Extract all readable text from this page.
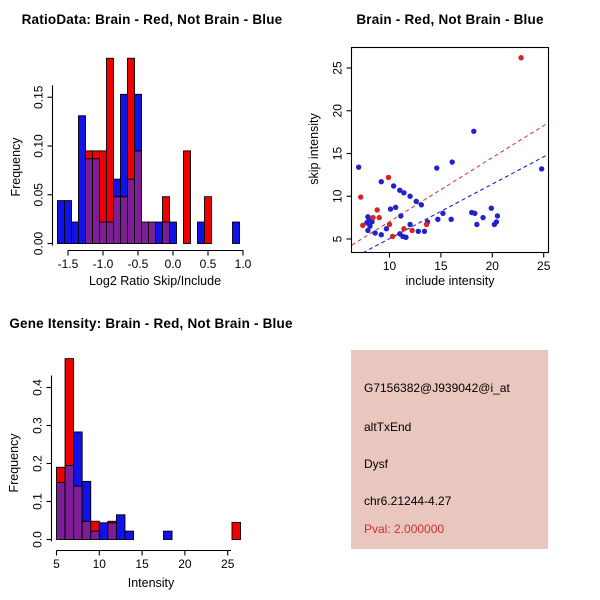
-1.5 -1.0 -0.5 0.0 0.5 1.0
0.00
0.05
0.10
0.15
5	10 15 20 25
0.0
0.1
0.2
0.3
0.4
10	15	20	25
5
10
15
20
25
RatioData: Brain - Red, Not Brain - Blue
Frequency
Log2 Ratio Skip/Include
Brain - Red, Not Brain - Blue
skip intensity
include intensity
Gene Itensity: Brain - Red, Not Brain - Blue
Frequency
Intensity
G7156382@J939042@i_at
altTxEnd
Dysf
chr6.21244-4.27
Pval: 2.000000
